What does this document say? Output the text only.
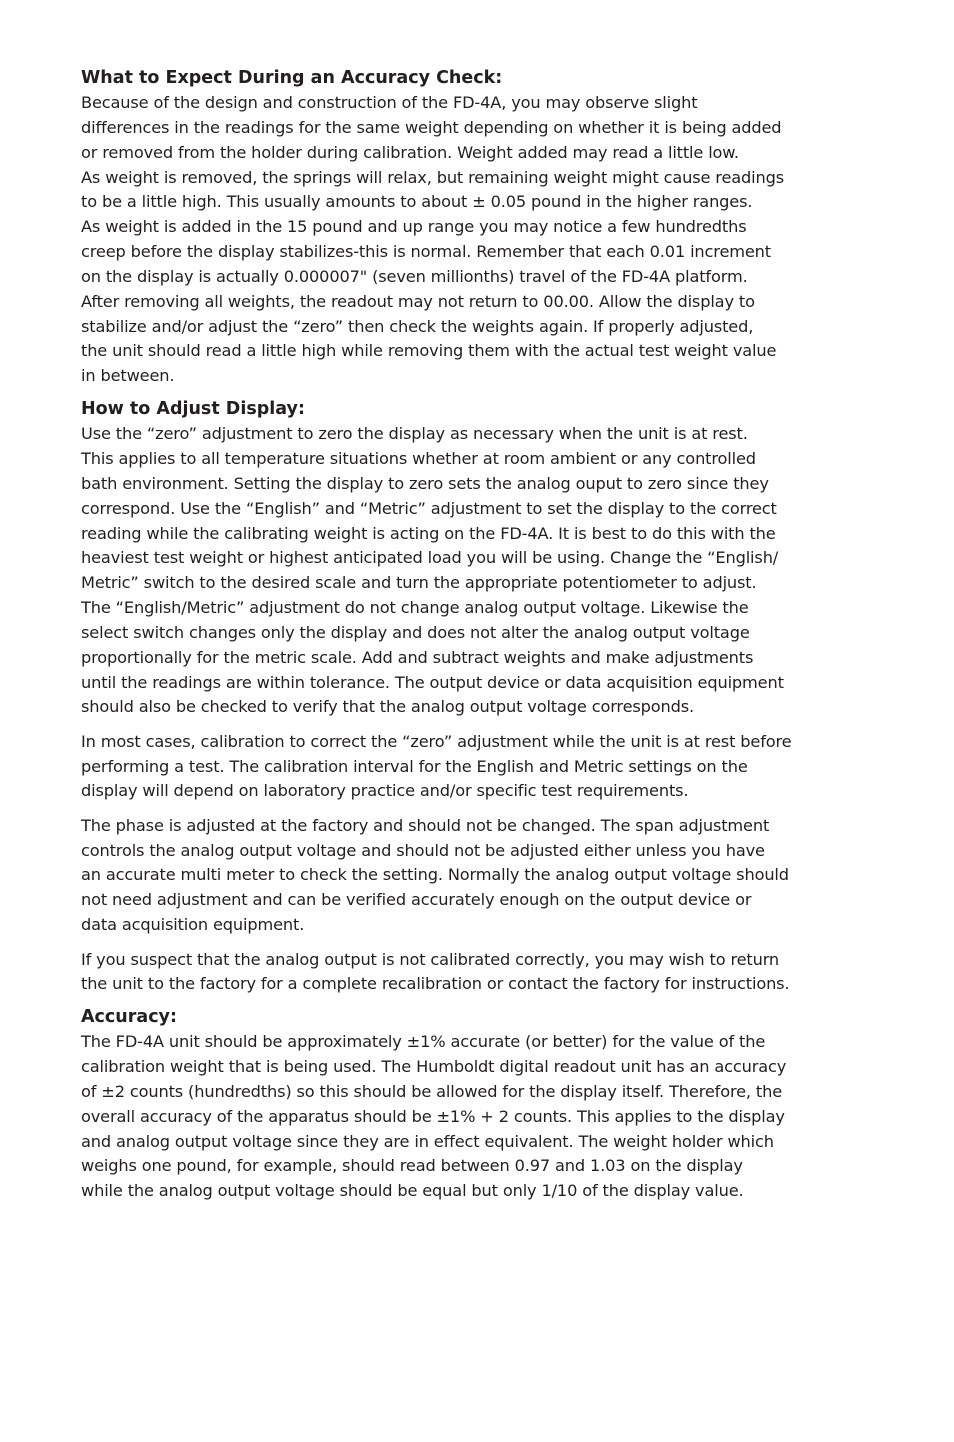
What to Expect During an Accuracy Check:
Because of the design and construction of the FD-4A, you may observe slight
differences in the readings for the same weight depending on whether it is being added
or removed from the holder during calibration. Weight added may read a little low.
As weight is removed, the springs will relax, but remaining weight might cause readings
to be a little high. This usually amounts to about ± 0.05 pound in the higher ranges.
As weight is added in the 15 pound and up range you may notice a few hundredths
creep before the display stabilizes-this is normal. Remember that each 0.01 increment
on the display is actually 0.000007" (seven millionths) travel of the FD-4A platform.
After removing all weights, the readout may not return to 00.00. Allow the display to
stabilize and/or adjust the “zero” then check the weights again. If properly adjusted,
the unit should read a little high while removing them with the actual test weight value
in between.
How to Adjust Display:
Use the “zero” adjustment to zero the display as necessary when the unit is at rest.
This applies to all temperature situations whether at room ambient or any controlled
bath environment. Setting the display to zero sets the analog ouput to zero since they
correspond. Use the “English” and “Metric” adjustment to set the display to the correct
reading while the calibrating weight is acting on the FD-4A. It is best to do this with the
heaviest test weight or highest anticipated load you will be using. Change the “English/
Metric” switch to the desired scale and turn the appropriate potentiometer to adjust.
The “English/Metric” adjustment do not change analog output voltage. Likewise the
select switch changes only the display and does not alter the analog output voltage
proportionally for the metric scale. Add and subtract weights and make adjustments
until the readings are within tolerance. The output device or data acquisition equipment
should also be checked to verify that the analog output voltage corresponds.
In most cases, calibration to correct the “zero” adjustment while the unit is at rest before
performing a test. The calibration interval for the English and Metric settings on the
display will depend on laboratory practice and/or specific test requirements.
The phase is adjusted at the factory and should not be changed. The span adjustment
controls the analog output voltage and should not be adjusted either unless you have
an accurate multi meter to check the setting. Normally the analog output voltage should
not need adjustment and can be verified accurately enough on the output device or
data acquisition equipment.
If you suspect that the analog output is not calibrated correctly, you may wish to return
the unit to the factory for a complete recalibration or contact the factory for instructions.
Accuracy:
The FD-4A unit should be approximately ±1% accurate (or better) for the value of the
calibration weight that is being used. The Humboldt digital readout unit has an accuracy
of ±2 counts (hundredths) so this should be allowed for the display itself. Therefore, the
overall accuracy of the apparatus should be ±1% + 2 counts. This applies to the display
and analog output voltage since they are in effect equivalent. The weight holder which
weighs one pound, for example, should read between 0.97 and 1.03 on the display
while the analog output voltage should be equal but only 1/10 of the display value.
